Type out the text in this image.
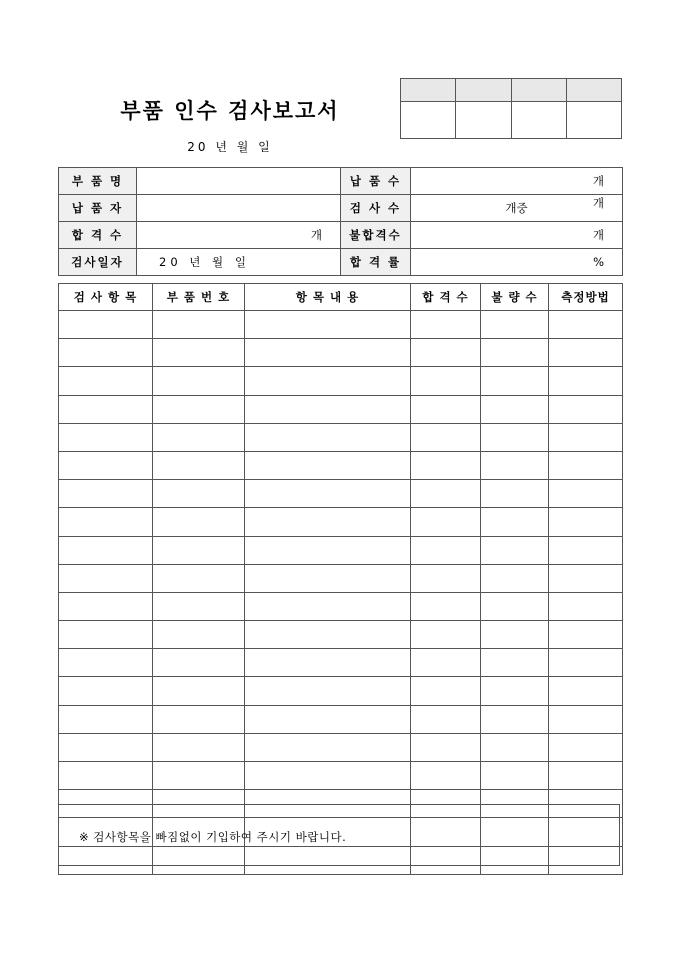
부품 인수 검사보고서
20 년 월 일
부 품 명		납 품 수	개
납 품 자		검 사 수	개중 개

합 격 수	개	불합격수	개
검사일자	20 년 월 일	합 격 률	%
검 사 항 목	부 품 번 호	항 목 내 용	합 격 수	불 량 수	측정방법

※ 검사항목을 빠짐없이 기입하여 주시기 바랍니다.
